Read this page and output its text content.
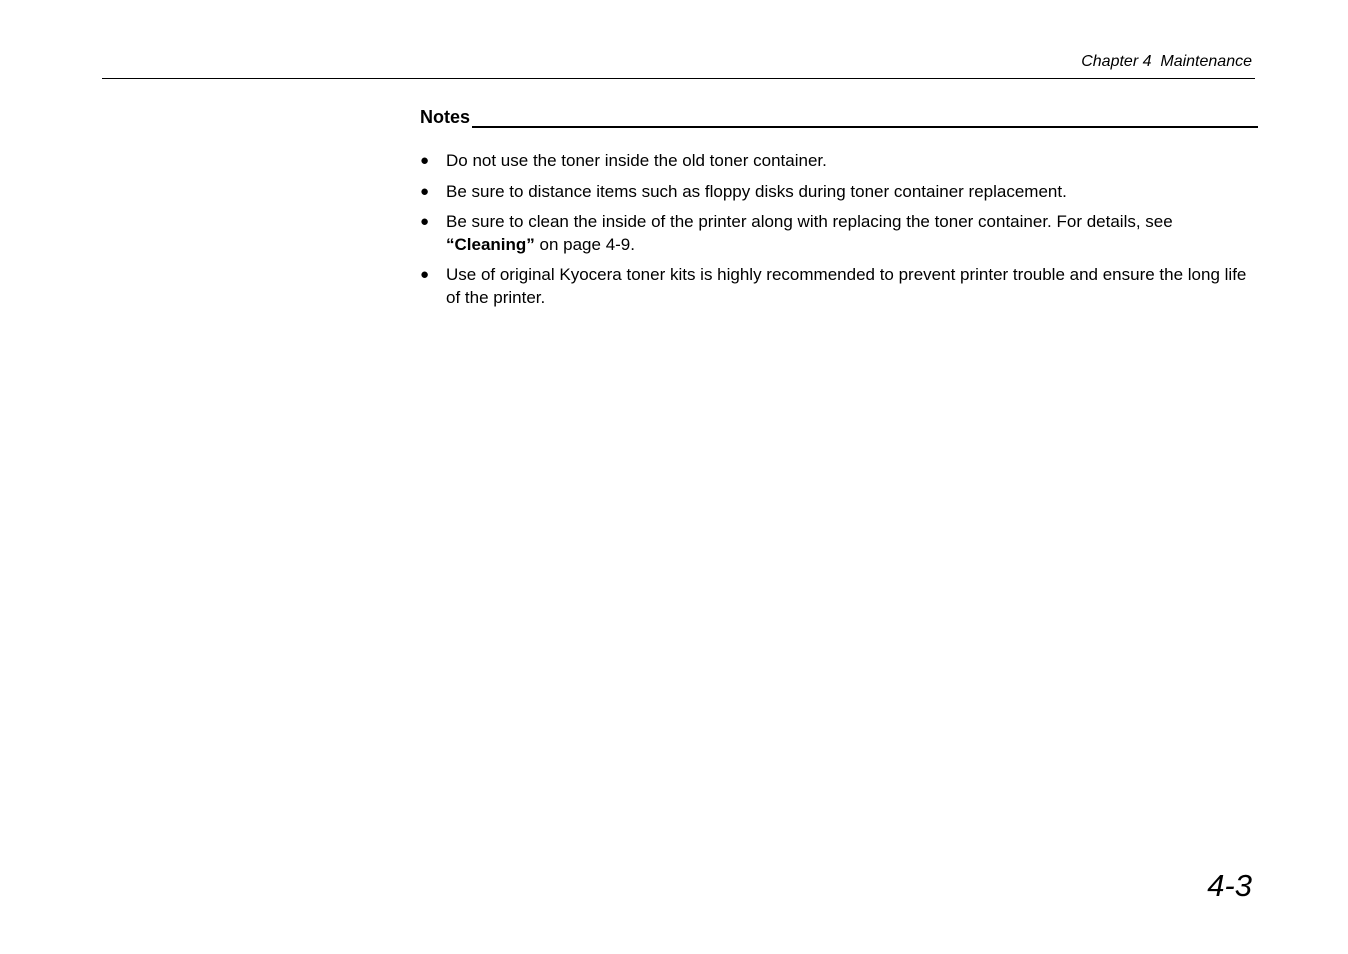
Chapter 4  Maintenance
Notes
● Do not use the toner inside the old toner container.
● Be sure to distance items such as floppy disks during toner container replacement.
● Be sure to clean the inside of the printer along with replacing the toner container. For details, see “Cleaning” on page 4-9.
● Use of original Kyocera toner kits is highly recommended to prevent printer trouble and ensure the long life of the printer.
4-3
